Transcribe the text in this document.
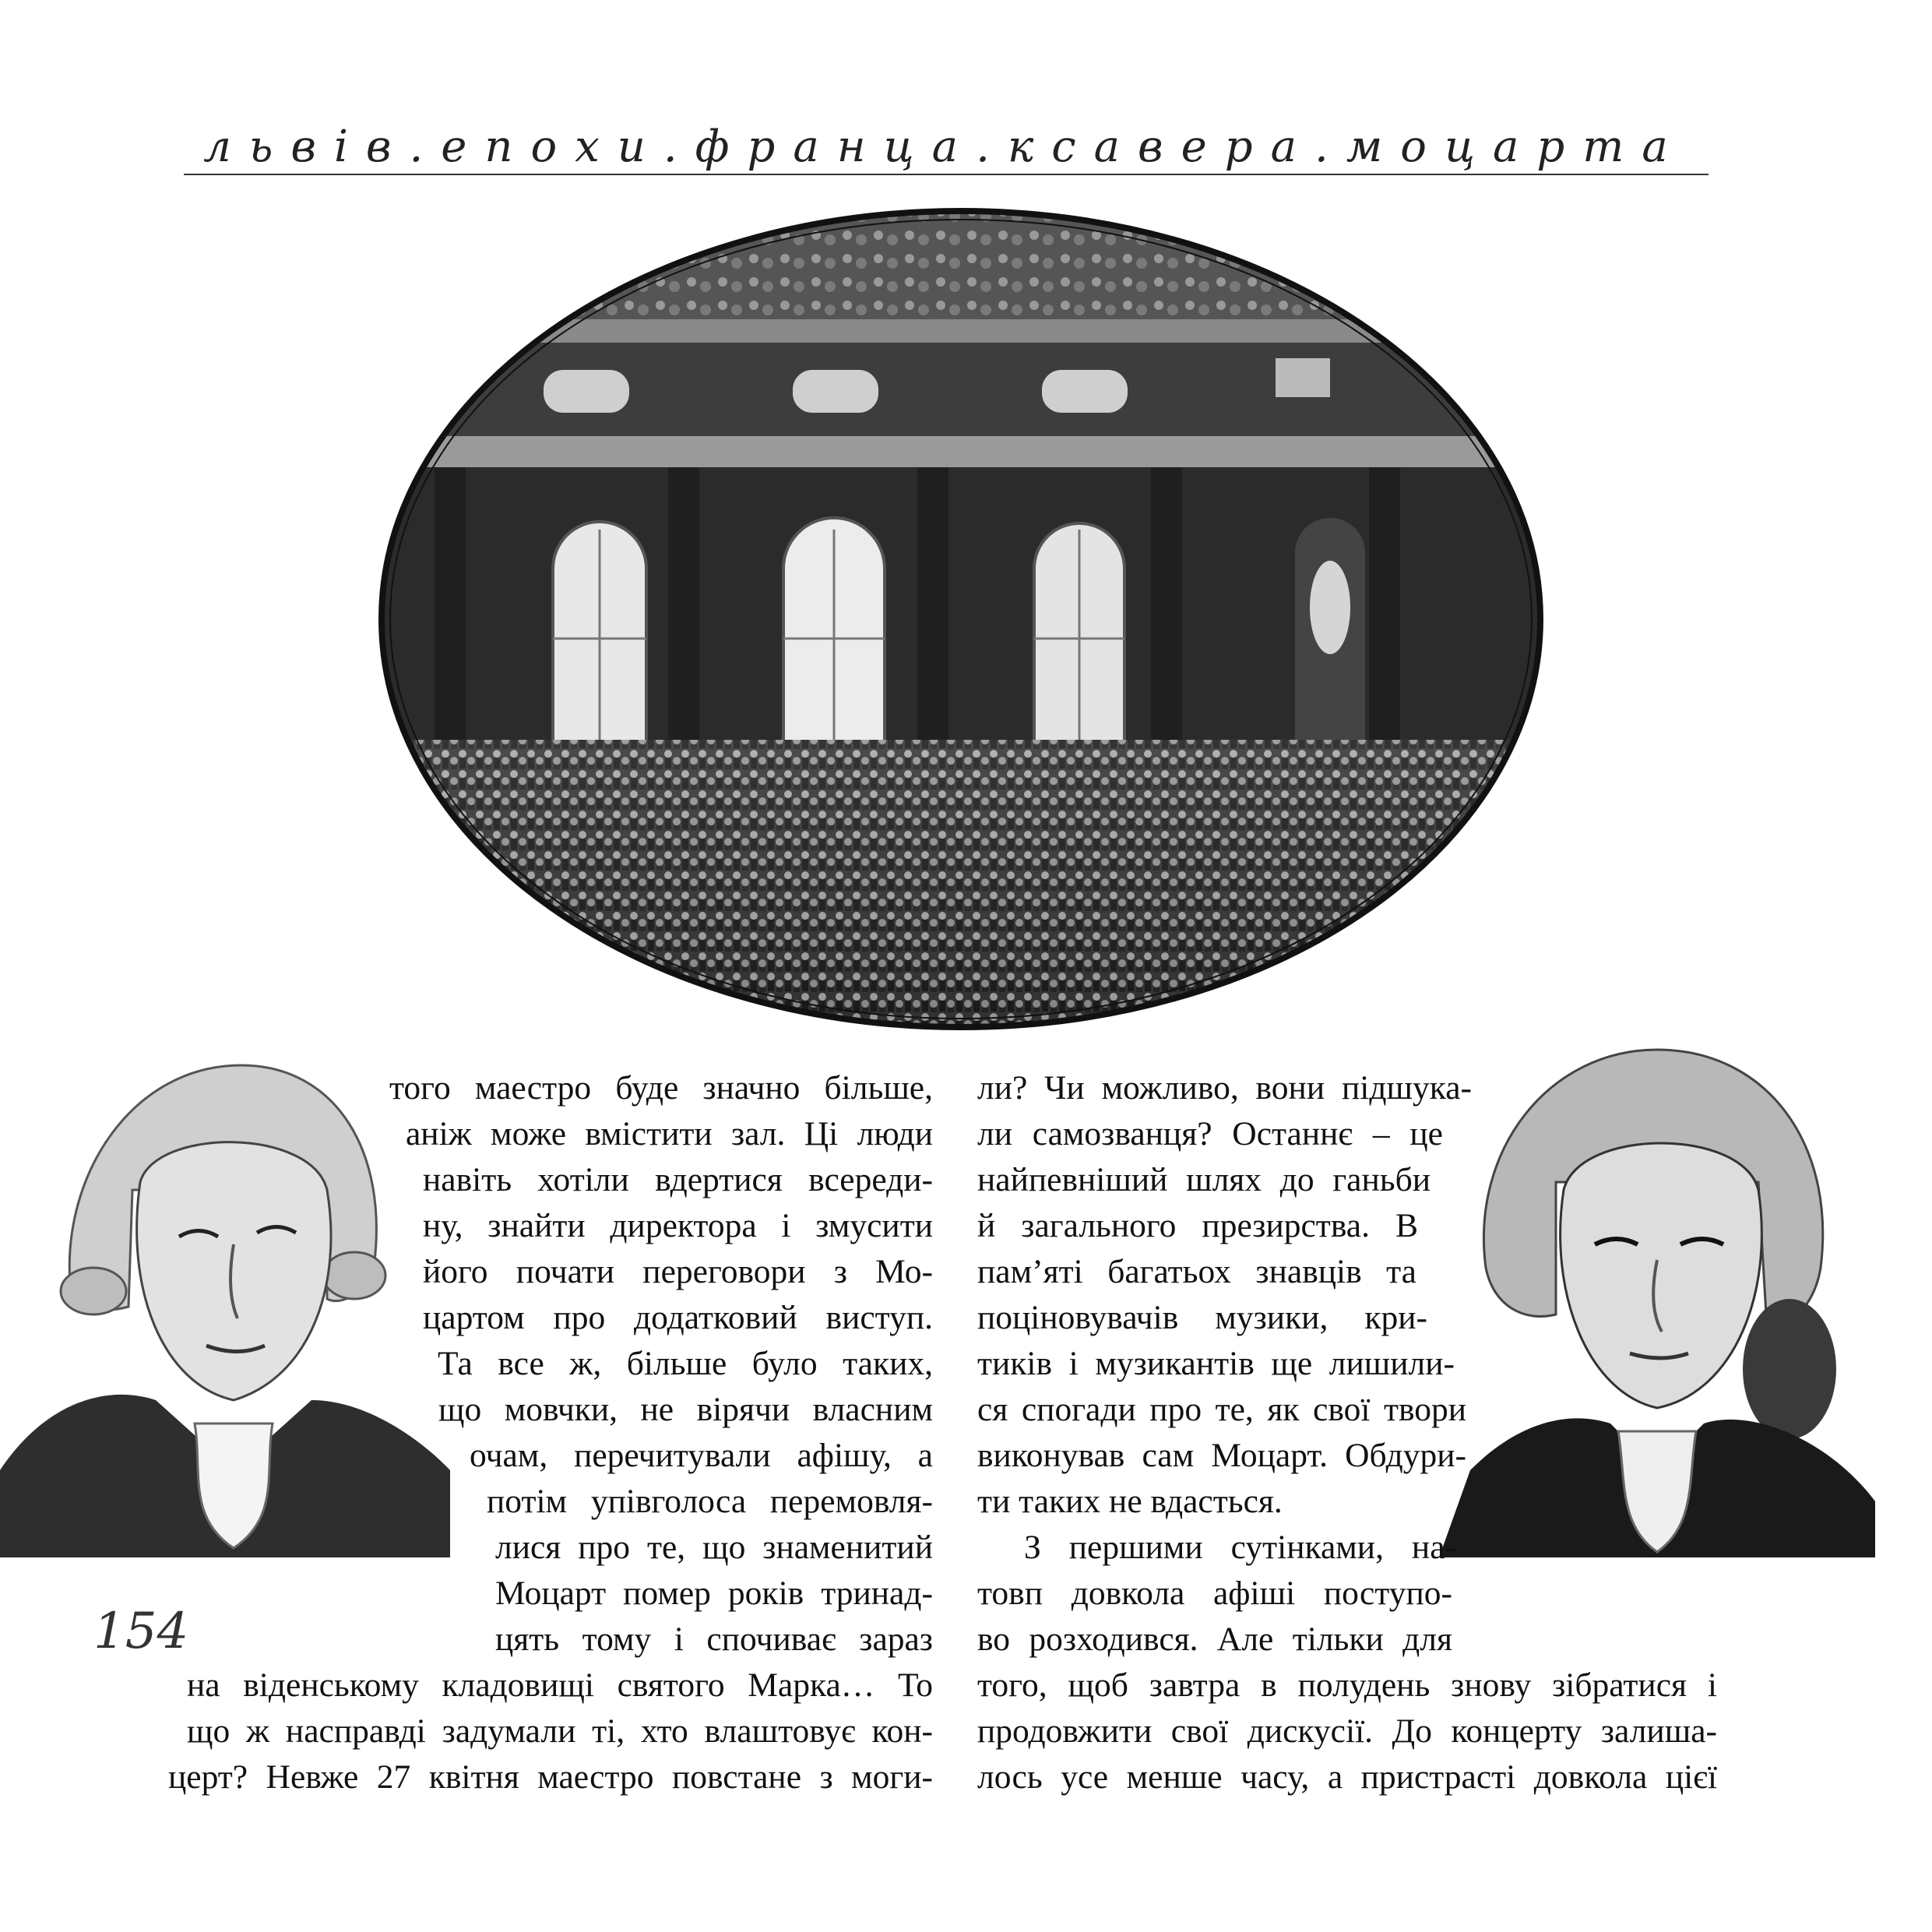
львів.епохи.франца.ксавера.моцарта
того маестро буде значно більше,
аніж може вмістити зал. Ці люди
навіть хотіли вдертися всереди-
ну, знайти директора і змусити
його почати переговори з Мо-
цартом про додатковий виступ.
Та все ж, більше було таких,
що мовчки, не вірячи власним
очам, перечитували афішу, а
потім упівголоса перемовля-
лися про те, що знаменитий
Моцарт помер років тринад-
цять тому і спочиває зараз
на віденському кладовищі святого Марка… То
що ж насправді задумали ті, хто влаштовує кон-
церт? Невже 27 квітня маестро повстане з моги-
ли? Чи можливо, вони підшука-
ли самозванця? Останнє – це
найпевніший шлях до ганьби
й загального презирства. В
пам’яті багатьох знавців та
поціновувачів музики, кри-
тиків і музикантів ще лишили-
ся спогади про те, як свої твори
виконував сам Моцарт. Обдури-
ти таких не вдасться.
З першими сутінками, на-
товп довкола афіші поступо-
во розходився. Але тільки для
того, щоб завтра в полудень знову зібратися і
продовжити свої дискусії. До концерту залиша-
лось усе менше часу, а пристрасті довкола цієї
154
